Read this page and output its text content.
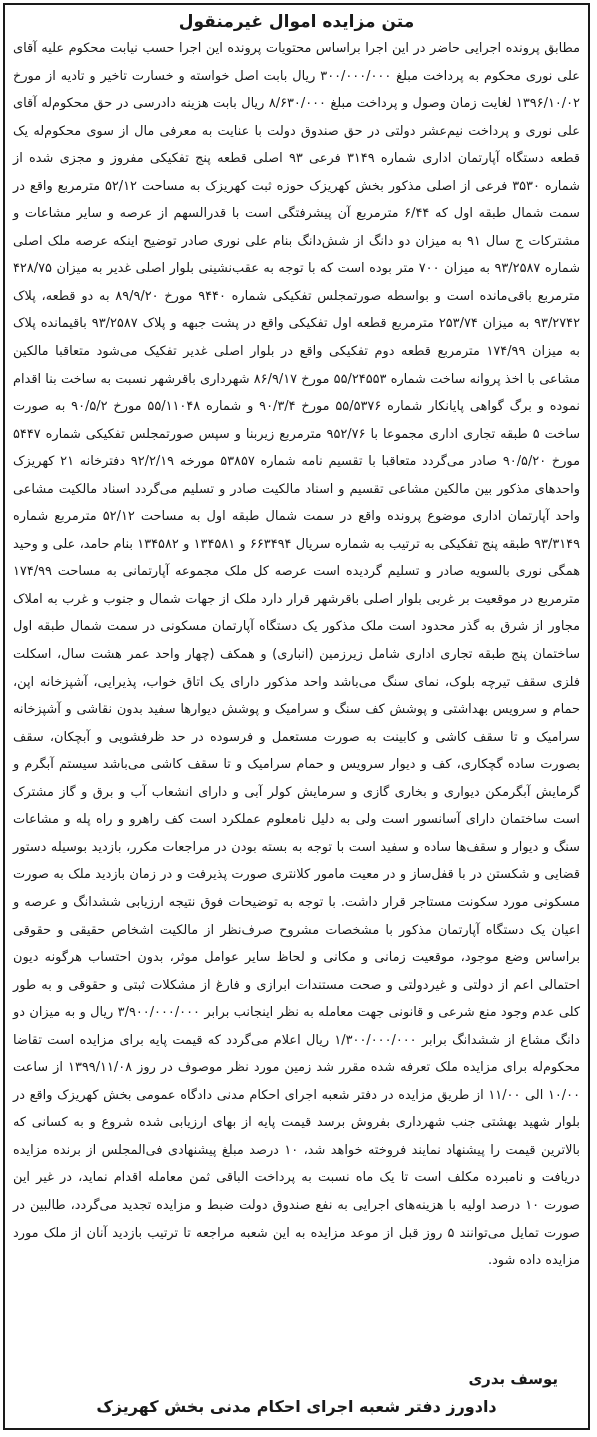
متن مزایده اموال غیرمنقول
مطابق پرونده اجرایی حاضر در این اجرا براساس محتویات پرونده این اجرا حسب نیابت محکوم علیه آقای علی نوری محکوم به پرداخت مبلغ ۳۰۰/۰۰۰/۰۰۰ ریال بابت اصل خواسته و خسارت تاخیر و تادیه از مورخ ۱۳۹۶/۱۰/۰۲ لغایت زمان وصول و پرداخت مبلغ ۸/۶۳۰/۰۰۰ ریال بابت هزینه دادرسی در حق محکوم‌له آقای علی نوری و پرداخت نیم‌عشر دولتی در حق صندوق دولت با عنایت به معرفی مال از سوی محکوم‌له یک قطعه دستگاه آپارتمان اداری شماره ۳۱۴۹ فرعی ۹۳ اصلی قطعه پنج تفکیکی مفروز و مجزی شده از شماره ۳۵۳۰ فرعی از اصلی مذکور بخش کهریزک حوزه ثبت کهریزک به مساحت ۵۲/۱۲ مترمربع واقع در سمت شمال طبقه اول که ۶/۴۴ مترمربع آن پیشرفتگی است با قدرالسهم از عرصه و سایر مشاعات و مشترکات ج سال ۹۱ به میزان دو دانگ از شش‌دانگ بنام علی نوری صادر توضیح اینکه عرصه ملک اصلی شماره ۹۳/۲۵۸۷ به میزان ۷۰۰ متر بوده است که با توجه به عقب‌نشینی بلوار اصلی غدیر به میزان ۴۲۸/۷۵ مترمربع باقی‌مانده است و بواسطه صورتمجلس تفکیکی شماره ۹۴۴۰ مورخ ۸۹/۹/۲۰ به دو قطعه، پلاک ۹۳/۲۷۴۲ به میزان ۲۵۳/۷۴ مترمربع قطعه اول تفکیکی واقع در پشت جبهه و پلاک ۹۳/۲۵۸۷ باقیمانده پلاک به میزان ۱۷۴/۹۹ مترمربع قطعه دوم تفکیکی واقع در بلوار اصلی غدیر تفکیک می‌شود متعاقبا مالکین مشاعی با اخذ پروانه ساخت شماره ۵۵/۲۴۵۵۳ مورخ ۸۶/۹/۱۷ شهرداری باقرشهر نسبت به ساخت بنا اقدام نموده و برگ گواهی پایانکار شماره ۵۵/۵۳۷۶ مورخ ۹۰/۳/۴ و شماره ۵۵/۱۱۰۴۸ مورخ ۹۰/۵/۲ به صورت ساخت ۵ طبقه تجاری اداری مجموعا با ۹۵۲/۷۶ مترمربع زیربنا و سپس صورتمجلس تفکیکی شماره ۵۴۴۷ مورخ ۹۰/۵/۲۰ صادر می‌گردد متعاقبا با تقسیم نامه شماره ۵۳۸۵۷ مورخه ۹۲/۲/۱۹ دفترخانه ۲۱ کهریزک واحدهای مذکور بین مالکین مشاعی تقسیم و اسناد مالکیت صادر و تسلیم می‌گردد اسناد مالکیت مشاعی واحد آپارتمان اداری موضوع پرونده واقع در سمت شمال طبقه اول به مساحت ۵۲/۱۲ مترمربع شماره ۹۳/۳۱۴۹ طبقه پنج تفکیکی به ترتیب به شماره سریال ۶۶۳۴۹۴ و ۱۳۴۵۸۱ و ۱۳۴۵۸۲ بنام حامد، علی و وحید همگی نوری بالسویه صادر و تسلیم گردیده است عرصه کل ملک مجموعه آپارتمانی به مساحت ۱۷۴/۹۹ مترمربع در موقعیت بر غربی بلوار اصلی باقرشهر قرار دارد ملک از جهات شمال و جنوب و غرب به املاک مجاور از شرق به گذر محدود است ملک مذکور یک دستگاه آپارتمان مسکونی در سمت شمال طبقه اول ساختمان پنج طبقه تجاری اداری شامل زیرزمین (انباری) و همکف (چهار واحد عمر هشت سال، اسکلت فلزی سقف تیرچه بلوک، نمای سنگ می‌باشد واحد مذکور دارای یک اتاق خواب، پذیرایی، آشپزخانه اپن، حمام و سرویس بهداشتی و پوشش کف سنگ و سرامیک و پوشش دیوارها سفید بدون نقاشی و آشپزخانه سرامیک و تا سقف کاشی و کابینت به صورت مستعمل و فرسوده در حد ظرفشویی و آبچکان، سقف بصورت ساده گچکاری، کف و دیوار سرویس و حمام سرامیک و تا سقف کاشی می‌باشد سیستم آبگرم و گرمایش آبگرمکن دیواری و بخاری گازی و سرمایش کولر آبی و دارای انشعاب آب و برق و گاز مشترک است ساختمان دارای آسانسور است ولی به دلیل نامعلوم عملکرد است کف راهرو و راه پله و مشاعات سنگ و دیوار و سقف‌ها ساده و سفید است با توجه به بسته بودن در مراجعات مکرر، بازدید بوسیله دستور قضایی و شکستن در با قفل‌ساز و در معیت مامور کلانتری صورت پذیرفت و در زمان بازدید ملک به صورت مسکونی مورد سکونت مستاجر قرار داشت. با توجه به توضیحات فوق نتیجه ارزیابی ششدانگ و عرصه و اعیان یک دستگاه آپارتمان مذکور با مشخصات مشروح صرف‌نظر از مالکیت اشخاص حقیقی و حقوقی براساس وضع موجود، موقعیت زمانی و مکانی و لحاظ سایر عوامل موثر، بدون احتساب هرگونه دیون احتمالی اعم از دولتی و غیردولتی و صحت مستندات ابرازی و فارغ از مشکلات ثبتی و حقوقی و به طور کلی عدم وجود منع شرعی و قانونی جهت معامله به نظر اینجانب برابر ۳/۹۰۰/۰۰۰/۰۰۰ ریال و به میزان دو دانگ مشاع از ششدانگ برابر ۱/۳۰۰/۰۰۰/۰۰۰ ریال اعلام می‌گردد که قیمت پایه برای مزایده است تقاضا محکوم‌له برای مزایده ملک تعرفه شده مقرر شد زمین مورد نظر موصوف در روز ۱۳۹۹/۱۱/۰۸ از ساعت ۱۰/۰۰ الی ۱۱/۰۰ از طریق مزایده در دفتر شعبه اجرای احکام مدنی دادگاه عمومی بخش کهریزک واقع در بلوار شهید بهشتی جنب شهرداری بفروش برسد قیمت پایه از بهای ارزیابی شده شروع و به کسانی که بالاترین قیمت را پیشنهاد نمایند فروخته خواهد شد، ۱۰ درصد مبلغ پیشنهادی فی‌المجلس از برنده مزایده دریافت و نامبرده مکلف است تا یک ماه نسبت به پرداخت الباقی ثمن معامله اقدام نماید، در غیر این صورت ۱۰ درصد اولیه با هزینه‌های اجرایی به نفع صندوق دولت ضبط و مزایده تجدید می‌گردد، طالبین در صورت تمایل می‌توانند ۵ روز قبل از موعد مزایده به این شعبه مراجعه تا ترتیب بازدید آنان از ملک مورد مزایده داده شود.
یوسف بدری
دادورز دفتر شعبه اجرای احکام مدنی بخش کهریزک
